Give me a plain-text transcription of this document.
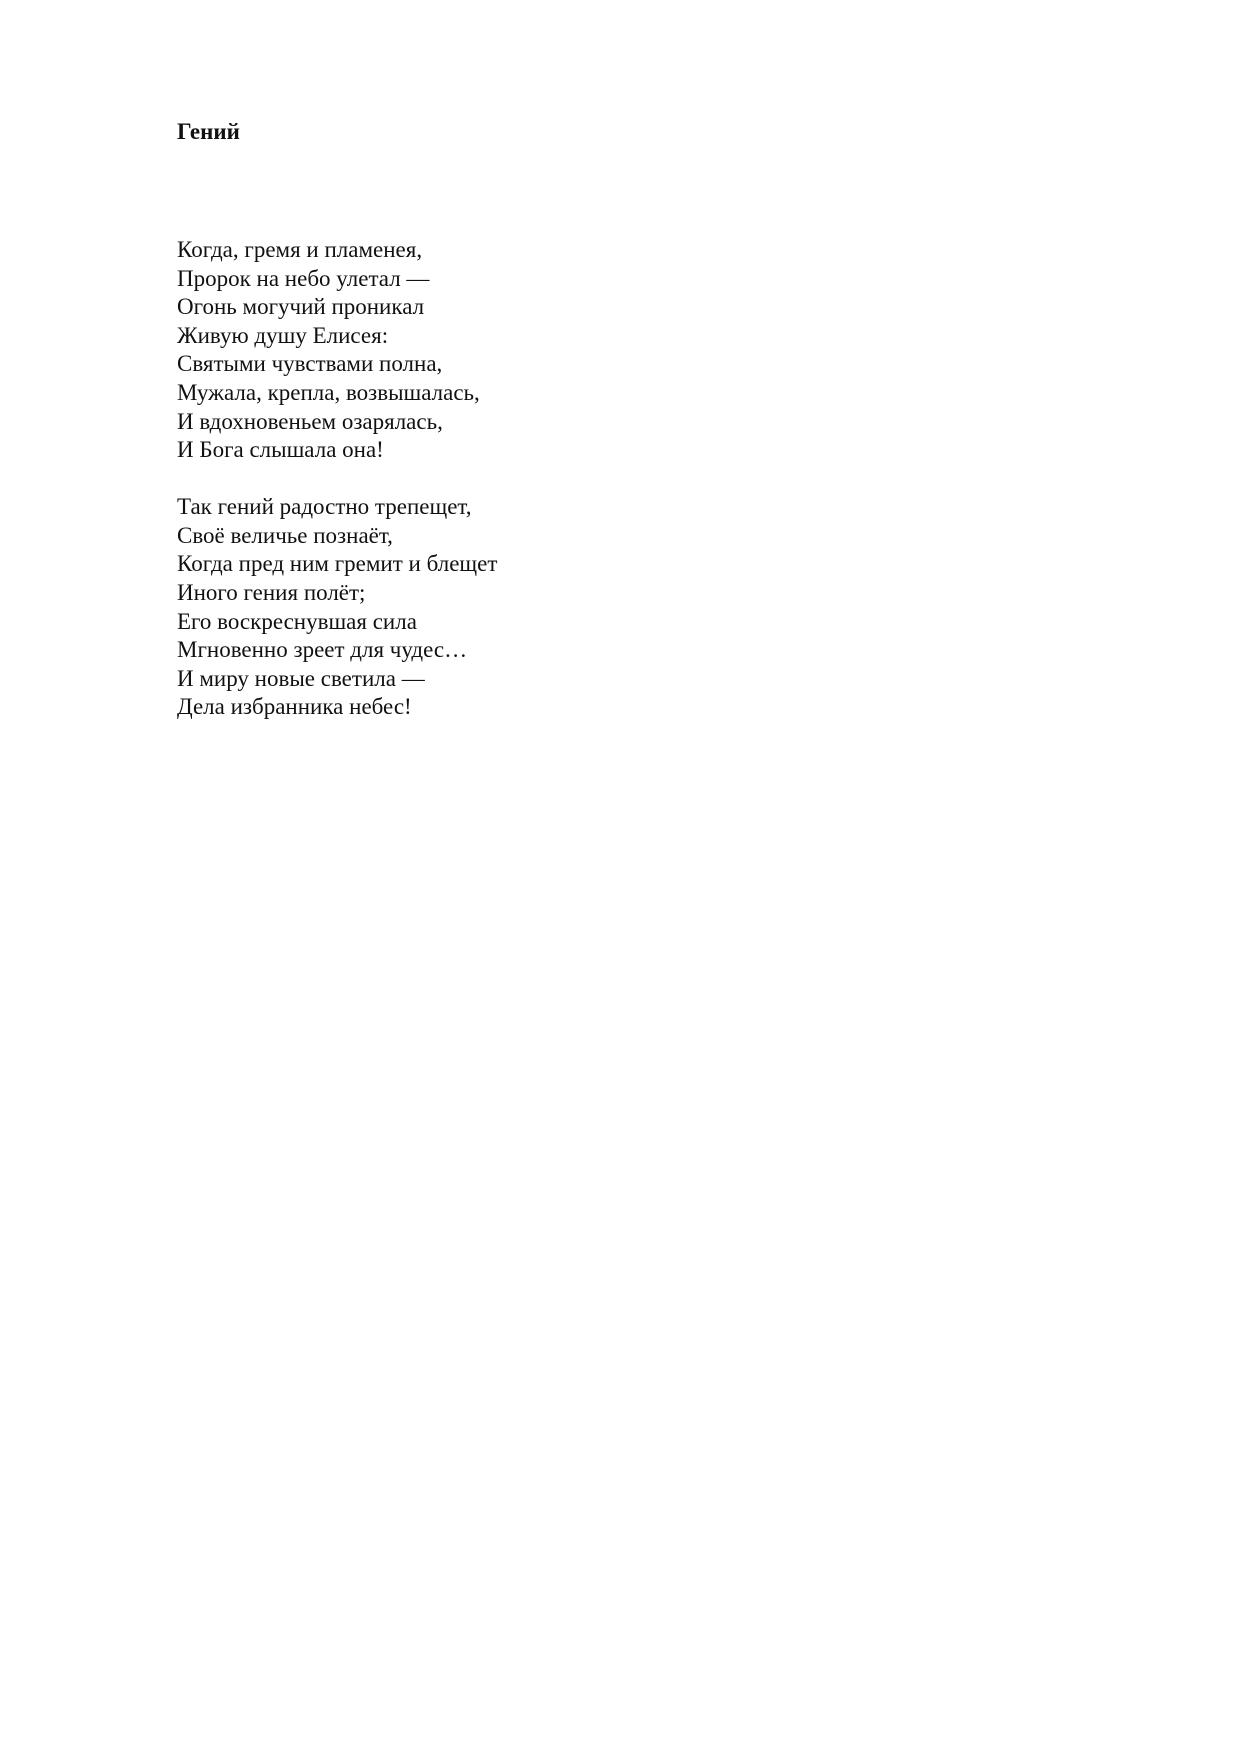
Гений
Когда, гремя и пламенея,
Пророк на небо улетал —
Огонь могучий проникал
Живую душу Елисея:
Святыми чувствами полна,
Мужала, крепла, возвышалась,
И вдохновеньем озарялась,
И Бога слышала она!
Так гений радостно трепещет,
Своё величье познаёт,
Когда пред ним гремит и блещет
Иного гения полёт;
Его воскреснувшая сила
Мгновенно зреет для чудес…
И миру новые светила —
Дела избранника небес!
